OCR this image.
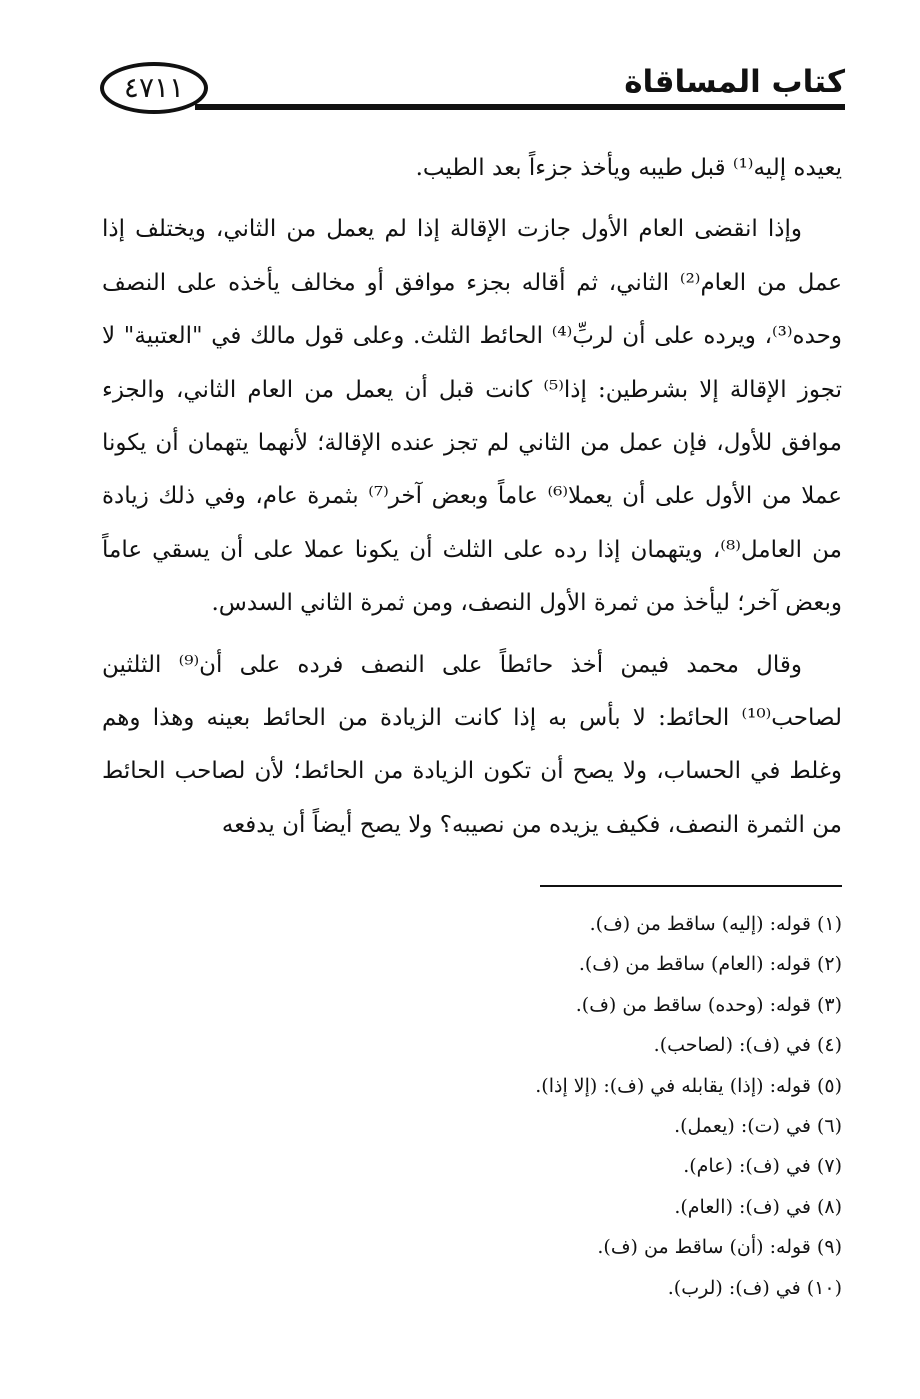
٤٧١١	كتاب المساقاة

يعيده إليه⁽¹⁾ قبل طيبه ويأخذ جزءاً بعد الطيب.

وإذا انقضى العام الأول جازت الإقالة إذا لم يعمل من الثاني، ويختلف إذا عمل من العام⁽²⁾ الثاني، ثم أقاله بجزء موافق أو مخالف يأخذه على النصف وحده⁽³⁾، ويرده على أن لربِّ⁽⁴⁾ الحائط الثلث. وعلى قول مالك في "العتبية" لا تجوز الإقالة إلا بشرطين: إذا⁽⁵⁾ كانت قبل أن يعمل من العام الثاني، والجزء موافق للأول، فإن عمل من الثاني لم تجز عنده الإقالة؛ لأنهما يتهمان أن يكونا عملا من الأول على أن يعملا⁽⁶⁾ عاماً وبعض آخر⁽⁷⁾ بثمرة عام، وفي ذلك زيادة من العامل⁽⁸⁾، ويتهمان إذا رده على الثلث أن يكونا عملا على أن يسقي عاماً وبعض آخر؛ ليأخذ من ثمرة الأول النصف، ومن ثمرة الثاني السدس.

وقال محمد فيمن أخذ حائطاً على النصف فرده على أن⁽⁹⁾ الثلثين لصاحب⁽¹⁰⁾ الحائط: لا بأس به إذا كانت الزيادة من الحائط بعينه وهذا وهم وغلط في الحساب، ولا يصح أن تكون الزيادة من الحائط؛ لأن لصاحب الحائط من الثمرة النصف، فكيف يزيده من نصيبه؟ ولا يصح أيضاً أن يدفعه

(١) قوله: (إليه) ساقط من (ف).

(٢) قوله: (العام) ساقط من (ف).

(٣) قوله: (وحده) ساقط من (ف).

(٤) في (ف): (لصاحب).

(٥) قوله: (إذا) يقابله في (ف): (إلا إذا).

(٦) في (ت): (يعمل).

(٧) في (ف): (عام).

(٨) في (ف): (العام).

(٩) قوله: (أن) ساقط من (ف).

(١٠) في (ف): (لرب).
